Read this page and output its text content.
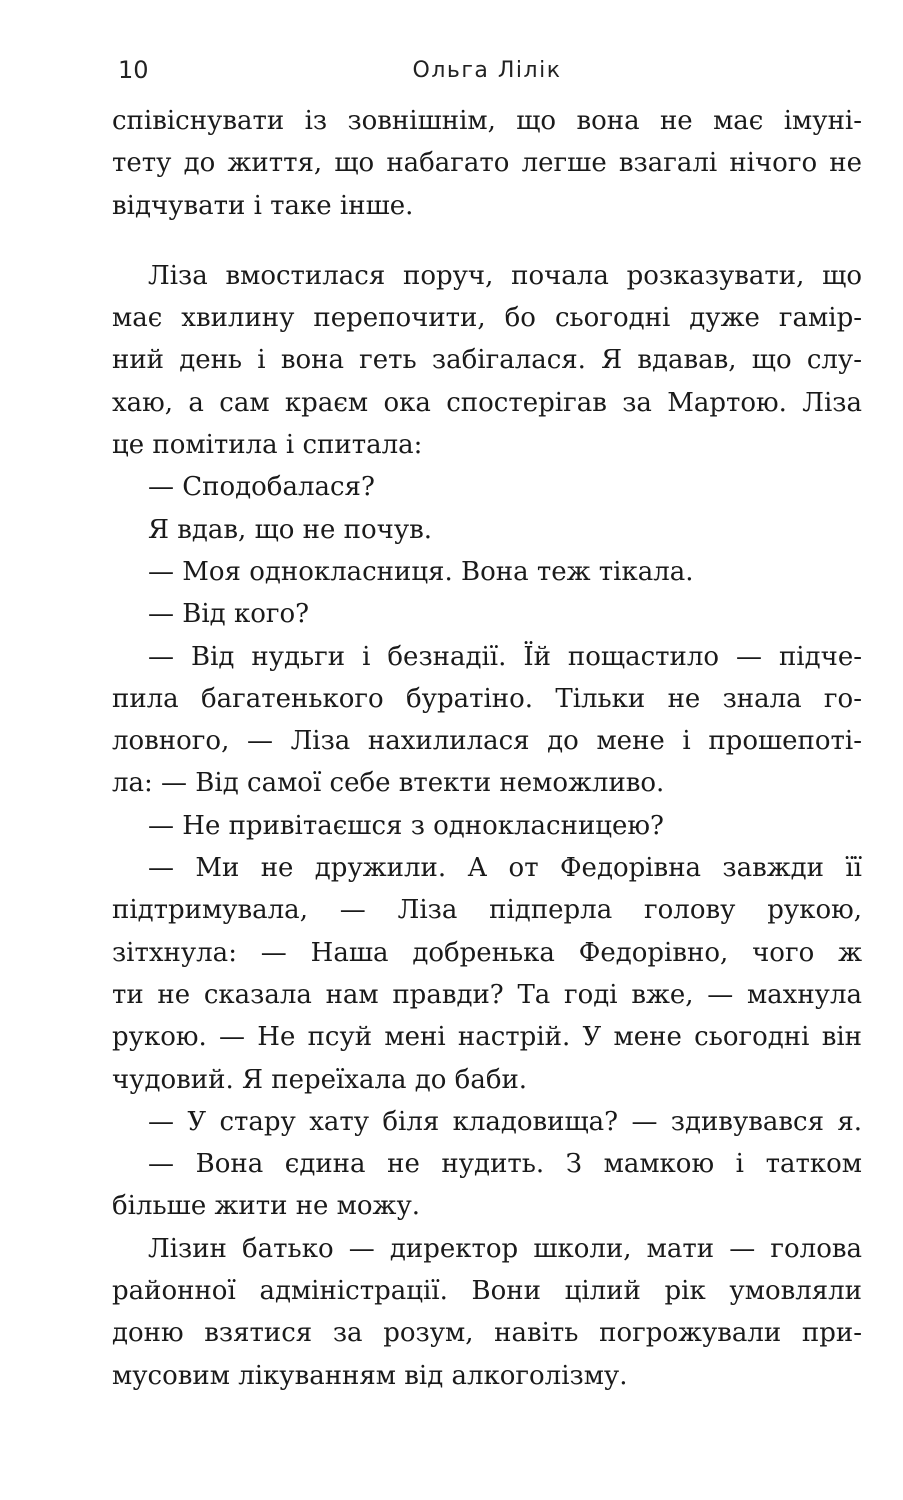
10	Ольга Лілік
співіснувати із зовнішнім, що вона не має імуні-
тету до життя, що набагато легше взагалі нічого не
відчувати і таке інше.
Ліза вмостилася поруч, почала розказувати, що
має хвилину перепочити, бо сьогодні дуже гамір-
ний день і вона геть забігалася. Я вдавав, що слу-
хаю, а сам краєм ока спостерігав за Мартою. Ліза
це помітила і спитала:
— Сподобалася?
Я вдав, що не почув.
— Моя однокласниця. Вона теж тікала.
— Від кого?
— Від нудьги і безнадії. Їй пощастило — підче-
пила багатенького буратіно. Тільки не знала го-
ловного, — Ліза нахилилася до мене і прошепоті-
ла: — Від самої себе втекти неможливо.
— Не привітаєшся з однокласницею?
— Ми не дружили. А от Федорівна завжди її
підтримувала, — Ліза підперла голову рукою,
зітхнула: — Наша добренька Федорівно, чого ж
ти не сказала нам правди? Та годі вже, — махнула
рукою. — Не псуй мені настрій. У мене сьогодні він
чудовий. Я переїхала до баби.
— У стару хату біля кладовища? — здивувався я.
— Вона єдина не нудить. З мамкою і татком
більше жити не можу.
Лізин батько — директор школи, мати — голова
районної адміністрації. Вони цілий рік умовляли
доню взятися за розум, навіть погрожували при-
мусовим лікуванням від алкоголізму.
